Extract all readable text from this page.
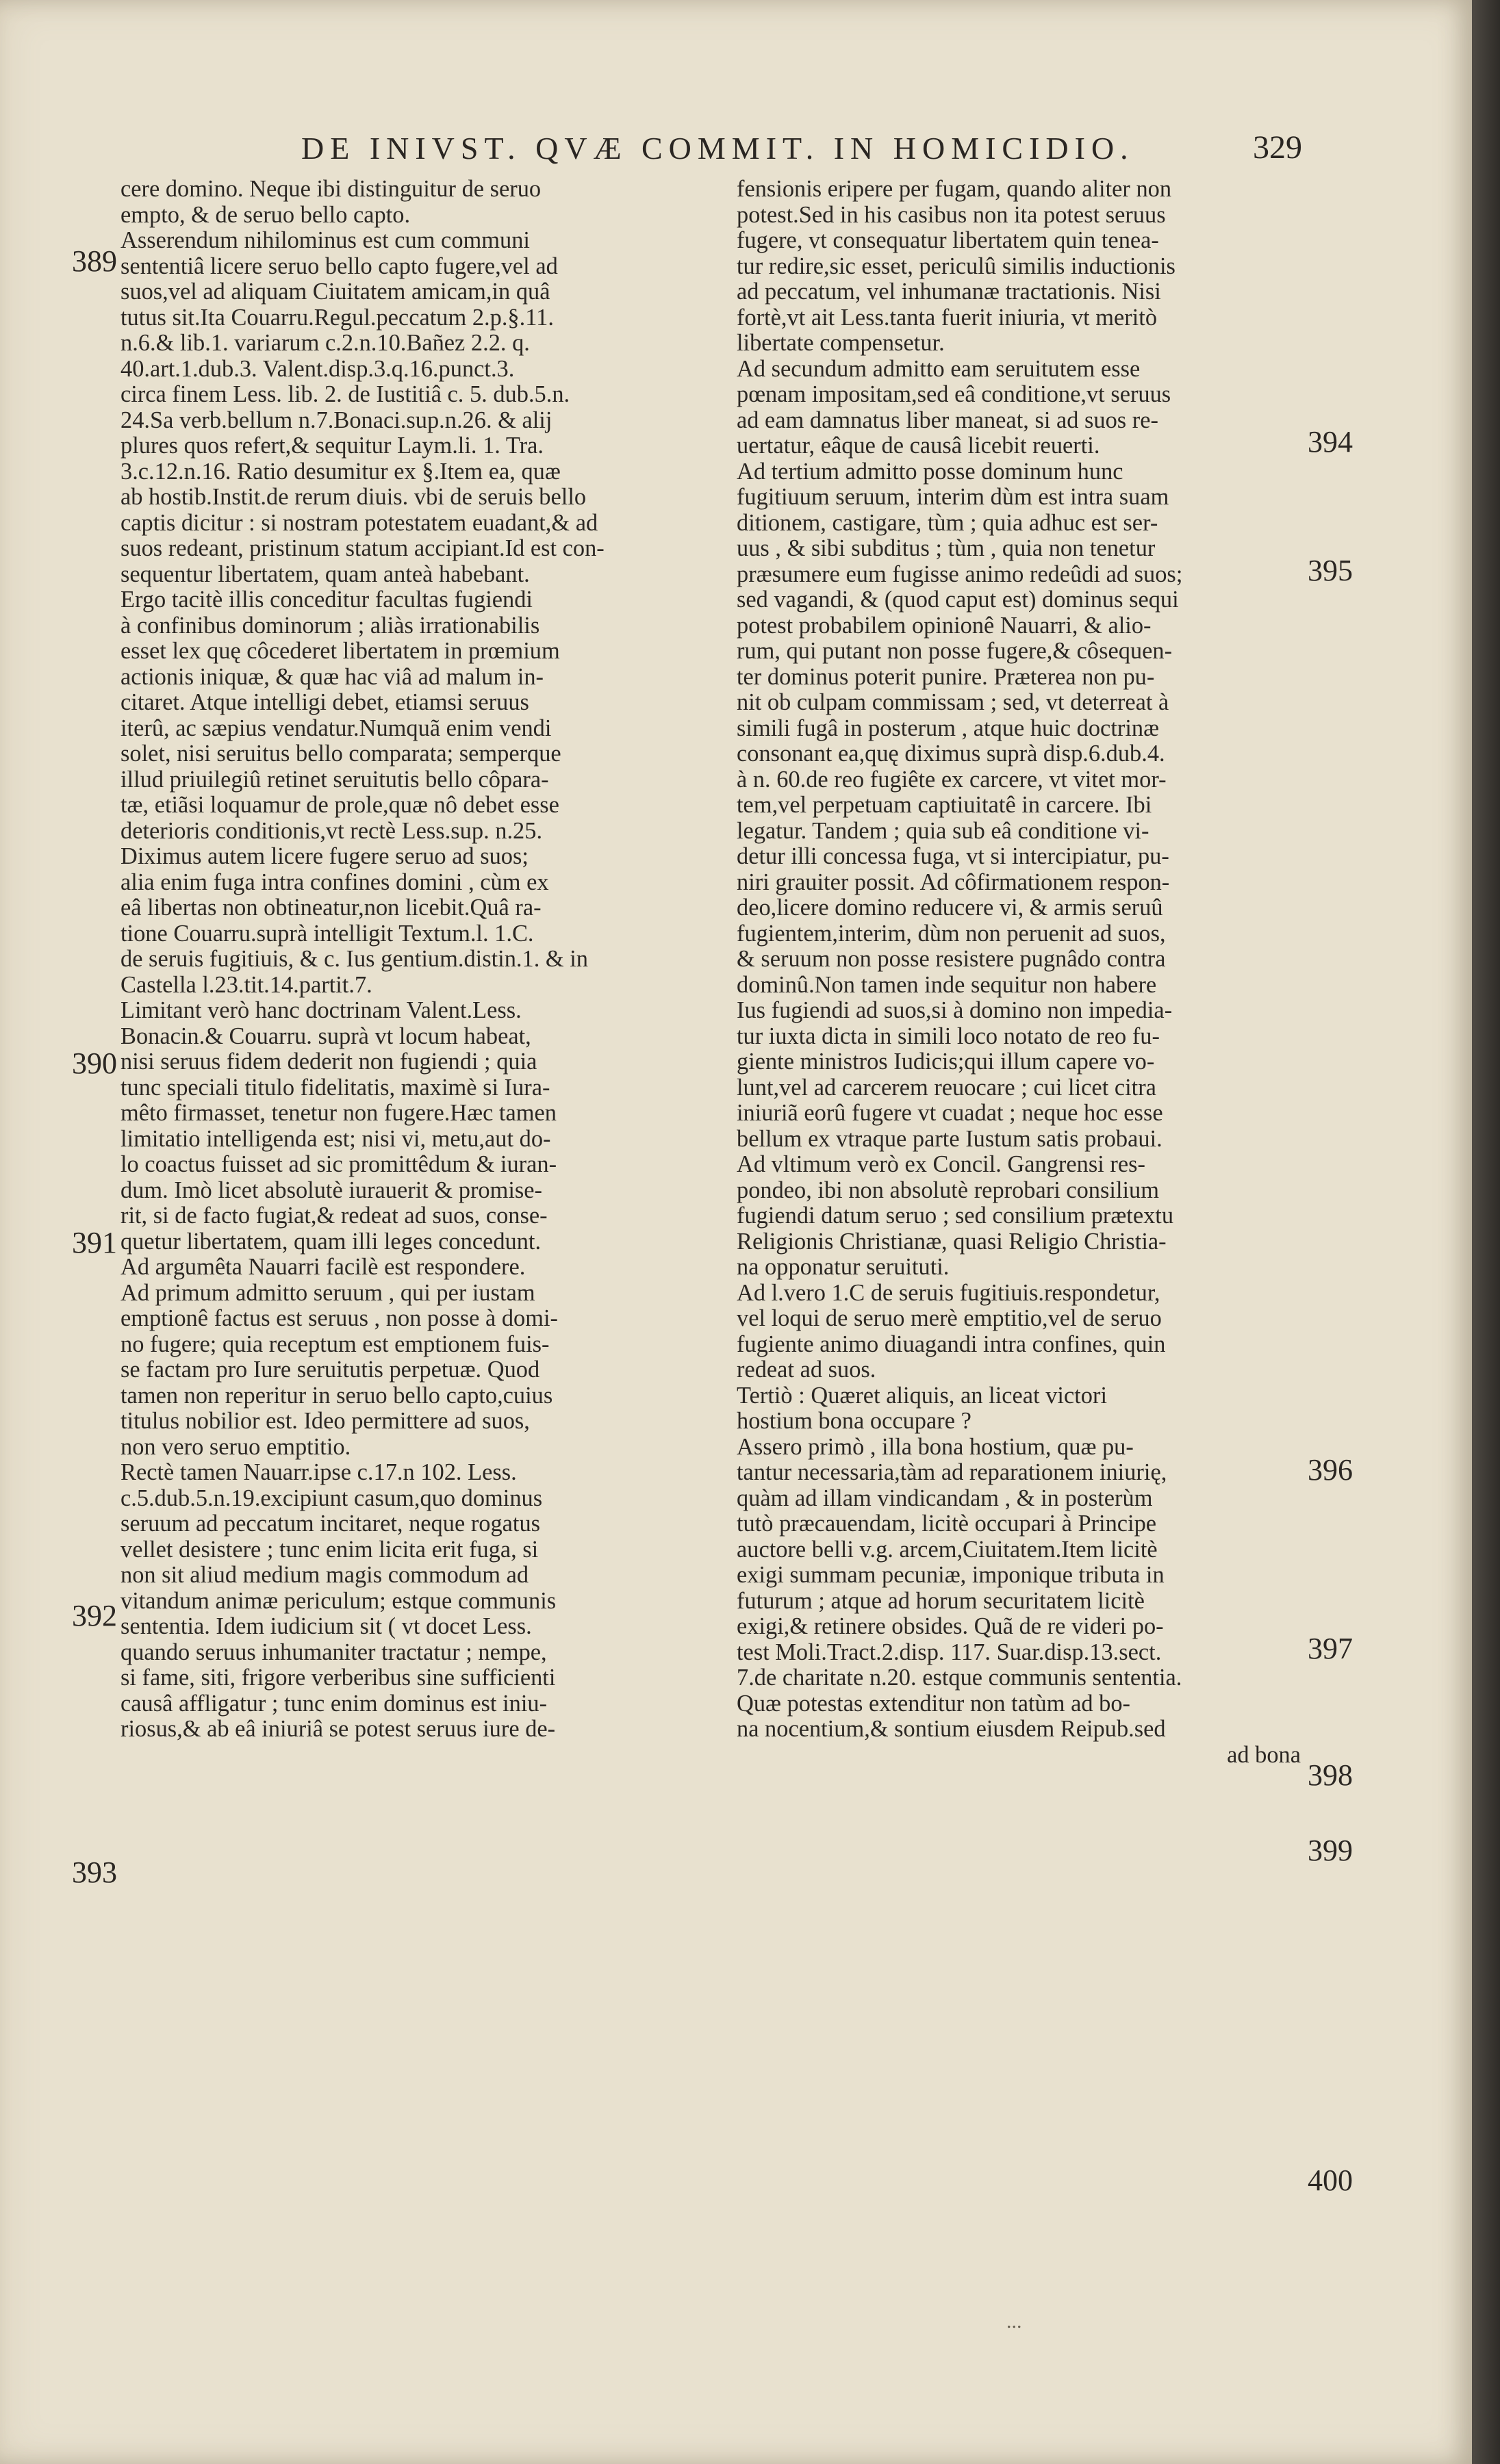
DE INIVST. QVÆ COMMIT. IN HOMICIDIO.	329
cere domino. Neque ibi distinguitur de seruo
empto, & de seruo bello capto.
Asserendum nihilominus est cum communi
sententiâ licere seruo bello capto fugere,vel ad
suos,vel ad aliquam Ciuitatem amicam,in quâ
tutus sit.Ita Couarru.Regul.peccatum 2.p.§.11.
n.6.& lib.1. variarum c.2.n.10.Bañez 2.2. q.
40.art.1.dub.3. Valent.disp.3.q.16.punct.3.
circa finem Less. lib. 2. de Iustitiâ c. 5. dub.5.n.
24.Sa verb.bellum n.7.Bonaci.sup.n.26. & alij
plures quos refert,& sequitur Laym.li. 1. Tra.
3.c.12.n.16. Ratio desumitur ex §.Item ea, quæ
ab hostib.Instit.de rerum diuis. vbi de seruis bello
captis dicitur : si nostram potestatem euadant,& ad
suos redeant, pristinum statum accipiant.Id est con-
sequentur libertatem, quam anteà habebant.
Ergo tacitè illis conceditur facultas fugiendi
à confinibus dominorum ; aliàs irrationabilis
esset lex quę côcederet libertatem in prœmium
actionis iniquæ, & quæ hac viâ ad malum in-
citaret. Atque intelligi debet, etiamsi seruus
iterû, ac sæpius vendatur.Numquã enim vendi
solet, nisi seruitus bello comparata; semperque
illud priuilegiû retinet seruitutis bello côpara-
tæ, etiãsi loquamur de prole,quæ nô debet esse
deterioris conditionis,vt rectè Less.sup. n.25.
Diximus autem licere fugere seruo ad suos;
alia enim fuga intra confines domini , cùm ex
eâ libertas non obtineatur,non licebit.Quâ ra-
tione Couarru.suprà intelligit Textum.l. 1.C.
de seruis fugitiuis, & c. Ius gentium.distin.1. & in
Castella l.23.tit.14.partit.7.
Limitant verò hanc doctrinam Valent.Less.
Bonacin.& Couarru. suprà vt locum habeat,
nisi seruus fidem dederit non fugiendi ; quia
tunc speciali titulo fidelitatis, maximè si Iura-
mêto firmasset, tenetur non fugere.Hæc tamen
limitatio intelligenda est; nisi vi, metu,aut do-
lo coactus fuisset ad sic promittêdum & iuran-
dum. Imò licet absolutè iurauerit & promise-
rit, si de facto fugiat,& redeat ad suos, conse-
quetur libertatem, quam illi leges concedunt.
Ad argumêta Nauarri facilè est respondere.
Ad primum admitto seruum , qui per iustam
emptionê factus est seruus , non posse à domi-
no fugere; quia receptum est emptionem fuis-
se factam pro Iure seruitutis perpetuæ. Quod
tamen non reperitur in seruo bello capto,cuius
titulus nobilior est. Ideo permittere ad suos,
non vero seruo emptitio.
Rectè tamen Nauarr.ipse c.17.n 102. Less.
c.5.dub.5.n.19.excipiunt casum,quo dominus
seruum ad peccatum incitaret, neque rogatus
vellet desistere ; tunc enim licita erit fuga, si
non sit aliud medium magis commodum ad
vitandum animæ periculum; estque communis
sententia. Idem iudicium sit ( vt docet Less.
quando seruus inhumaniter tractatur ; nempe,
si fame, siti, frigore verberibus sine sufficienti
causâ affligatur ; tunc enim dominus est iniu-
riosus,& ab eâ iniuriâ se potest seruus iure de-
fensionis eripere per fugam, quando aliter non
potest.Sed in his casibus non ita potest seruus
fugere, vt consequatur libertatem quin tenea-
tur redire,sic esset, periculû similis inductionis
ad peccatum, vel inhumanæ tractationis. Nisi
fortè,vt ait Less.tanta fuerit iniuria, vt meritò
libertate compensetur.
Ad secundum admitto eam seruitutem esse
pœnam impositam,sed eâ conditione,vt seruus
ad eam damnatus liber maneat, si ad suos re-
uertatur, eâque de causâ licebit reuerti.
Ad tertium admitto posse dominum hunc
fugitiuum seruum, interim dùm est intra suam
ditionem, castigare, tùm ; quia adhuc est ser-
uus , & sibi subditus ; tùm , quia non tenetur
præsumere eum fugisse animo redeûdi ad suos;
sed vagandi, & (quod caput est) dominus sequi
potest probabilem opinionê Nauarri, & alio-
rum, qui putant non posse fugere,& côsequen-
ter dominus poterit punire. Præterea non pu-
nit ob culpam commissam ; sed, vt deterreat à
simili fugâ in posterum , atque huic doctrinæ
consonant ea,quę diximus suprà disp.6.dub.4.
à n. 60.de reo fugiête ex carcere, vt vitet mor-
tem,vel perpetuam captiuitatê in carcere. Ibi
legatur. Tandem ; quia sub eâ conditione vi-
detur illi concessa fuga, vt si intercipiatur, pu-
niri grauiter possit. Ad côfirmationem respon-
deo,licere domino reducere vi, & armis seruû
fugientem,interim, dùm non peruenit ad suos,
& seruum non posse resistere pugnâdo contra
dominû.Non tamen inde sequitur non habere
Ius fugiendi ad suos,si à domino non impedia-
tur iuxta dicta in simili loco notato de reo fu-
giente ministros Iudicis;qui illum capere vo-
lunt,vel ad carcerem reuocare ; cui licet citra
iniuriã eorû fugere vt cuadat ; neque hoc esse
bellum ex vtraque parte Iustum satis probaui.
Ad vltimum verò ex Concil. Gangrensi res-
pondeo, ibi non absolutè reprobari consilium
fugiendi datum seruo ; sed consilium prætextu
Religionis Christianæ, quasi Religio Christia-
na opponatur seruituti.
Ad l.vero 1.C de seruis fugitiuis.respondetur,
vel loqui de seruo merè emptitio,vel de seruo
fugiente animo diuagandi intra confines, quin
redeat ad suos.
Tertiò : Quæret aliquis, an liceat victori
hostium bona occupare ?
Assero primò , illa bona hostium, quæ pu-
tantur necessaria,tàm ad reparationem iniurię,
quàm ad illam vindicandam , & in posterùm
tutò præcauendam, licitè occupari à Principe
auctore belli v.g. arcem,Ciuitatem.Item licitè
exigi summam pecuniæ, imponique tributa in
futurum ; atque ad horum securitatem licitè
exigi,& retinere obsides. Quã de re videri po-
test Moli.Tract.2.disp. 117. Suar.disp.13.sect.
7.de charitate n.20. estque communis sententia.
Quæ potestas extenditur non tatùm ad bo-
na nocentium,& sontium eiusdem Reipub.sed
ad bona
389
390
391
392
393
394
395
396
397
398
399
400
...
